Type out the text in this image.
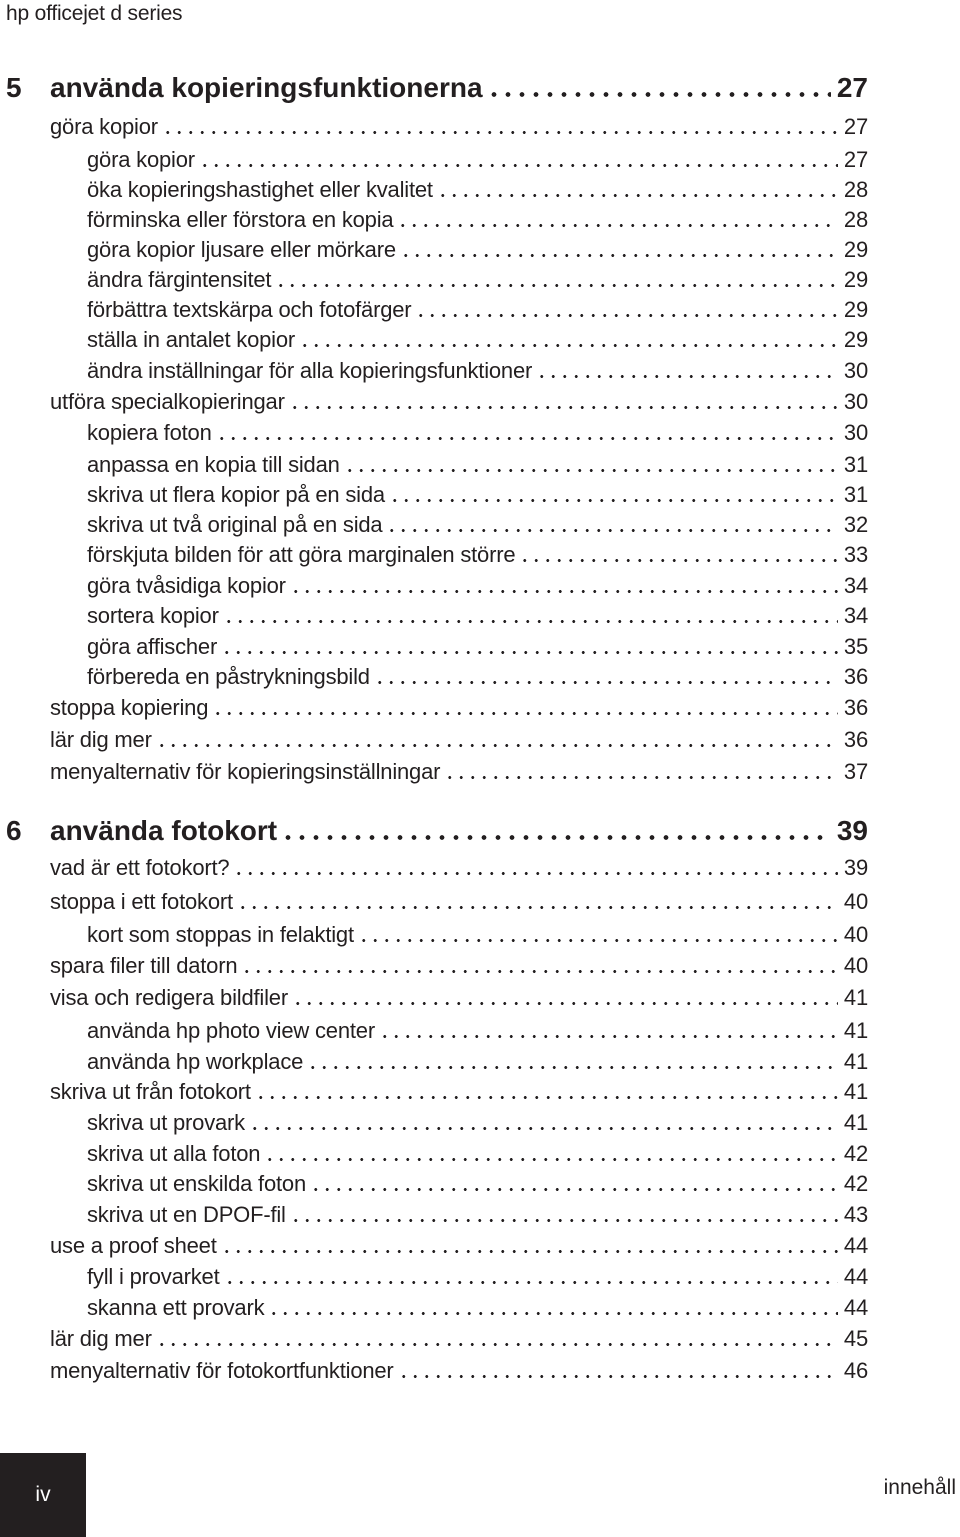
hp officejet d series
5	använda kopieringsfunktionerna	27
göra kopior	27
göra kopior	27
öka kopieringshastighet eller kvalitet	28
förminska eller förstora en kopia	28
göra kopior ljusare eller mörkare	29
ändra färgintensitet	29
förbättra textskärpa och fotofärger	29
ställa in antalet kopior	29
ändra inställningar för alla kopieringsfunktioner	30
utföra specialkopieringar	30
kopiera foton	30
anpassa en kopia till sidan	31
skriva ut flera kopior på en sida	31
skriva ut två original på en sida	32
förskjuta bilden för att göra marginalen större	33
göra tvåsidiga kopior	34
sortera kopior	34
göra affischer	35
förbereda en påstrykningsbild	36
stoppa kopiering	36
lär dig mer	36
menyalternativ för kopieringsinställningar	37
6	använda fotokort	39
vad är ett fotokort?	39
stoppa i ett fotokort	40
kort som stoppas in felaktigt	40
spara filer till datorn	40
visa och redigera bildfiler	41
använda hp photo view center	41
använda hp workplace	41
skriva ut från fotokort	41
skriva ut provark	41
skriva ut alla foton	42
skriva ut enskilda foton	42
skriva ut en DPOF-fil	43
use a proof sheet	44
fyll i provarket	44
skanna ett provark	44
lär dig mer	45
menyalternativ för fotokortfunktioner	46
iv	innehåll
